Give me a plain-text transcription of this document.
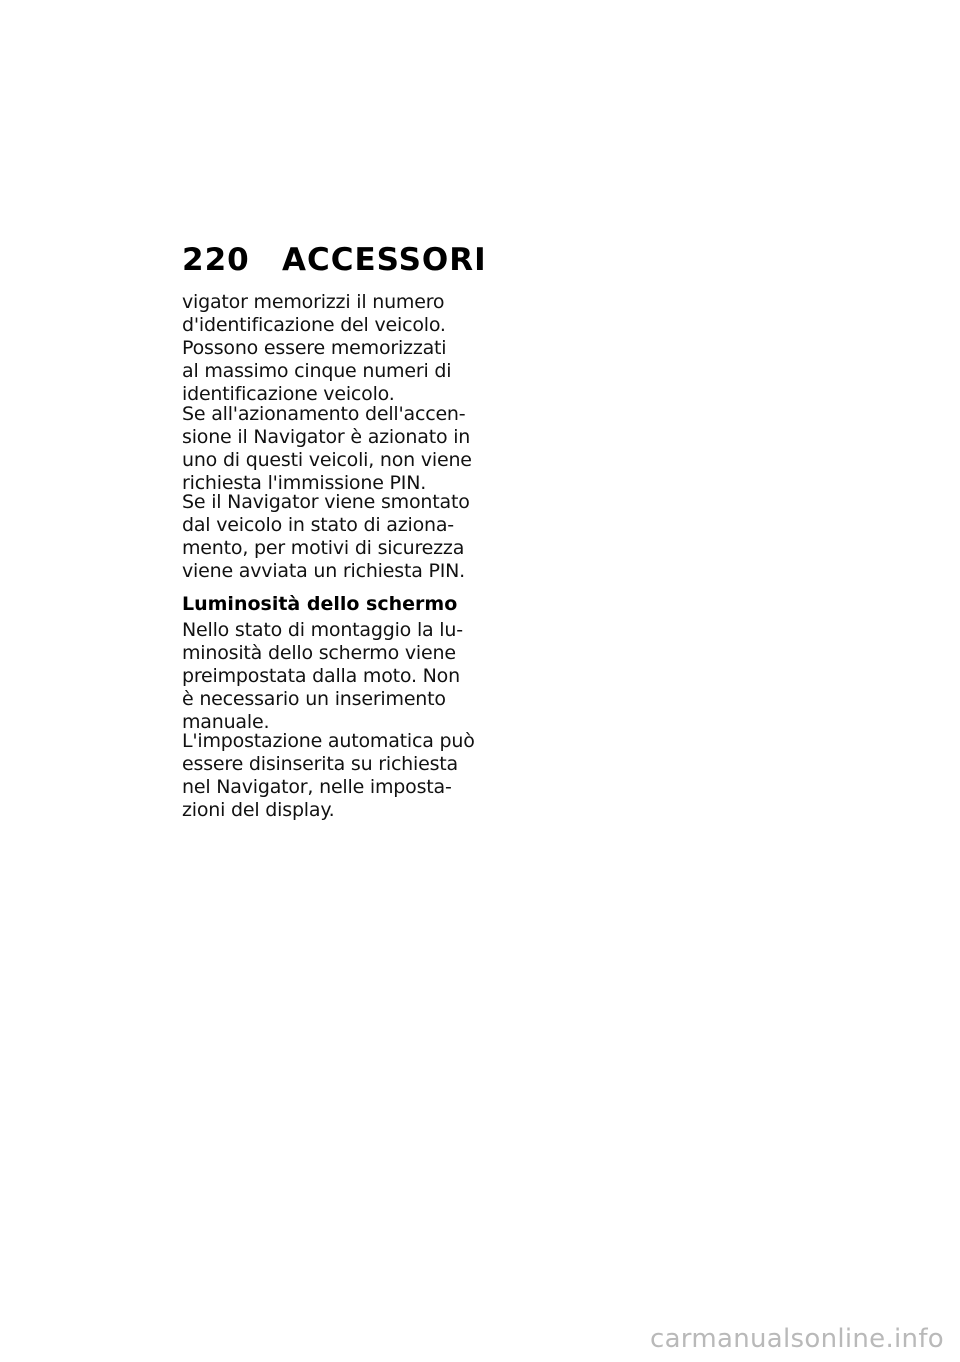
220 ACCESSORI

vigator memorizzi il numero
d'identificazione del veicolo.
Possono essere memorizzati
al massimo cinque numeri di
identificazione veicolo.

Se all'azionamento dell'accen-
sione il Navigator è azionato in
uno di questi veicoli, non viene
richiesta l'immissione PIN.

Se il Navigator viene smontato
dal veicolo in stato di aziona-
mento, per motivi di sicurezza
viene avviata un richiesta PIN.

Luminosità dello schermo

Nello stato di montaggio la lu-
minosità dello schermo viene
preimpostata dalla moto. Non
è necessario un inserimento
manuale.

L'impostazione automatica può
essere disinserita su richiesta
nel Navigator, nelle imposta-
zioni del display.

carmanualsonline.info
